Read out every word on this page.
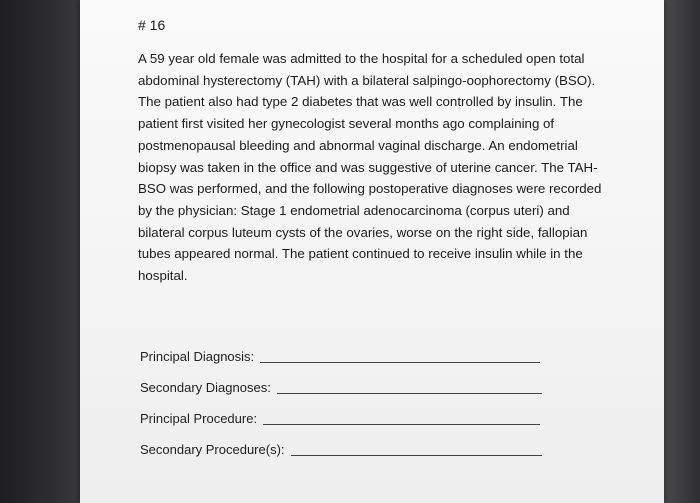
# 16

A 59 year old female was admitted to the hospital for a scheduled open total abdominal hysterectomy (TAH) with a bilateral salpingo-oophorectomy (BSO). The patient also had type 2 diabetes that was well controlled by insulin. The patient first visited her gynecologist several months ago complaining of postmenopausal bleeding and abnormal vaginal discharge. An endometrial biopsy was taken in the office and was suggestive of uterine cancer. The TAH-BSO was performed, and the following postoperative diagnoses were recorded by the physician: Stage 1 endometrial adenocarcinoma (corpus uteri) and bilateral corpus luteum cysts of the ovaries, worse on the right side, fallopian tubes appeared normal. The patient continued to receive insulin while in the hospital.

Principal Diagnosis:
Secondary Diagnoses:
Principal Procedure:
Secondary Procedure(s):
